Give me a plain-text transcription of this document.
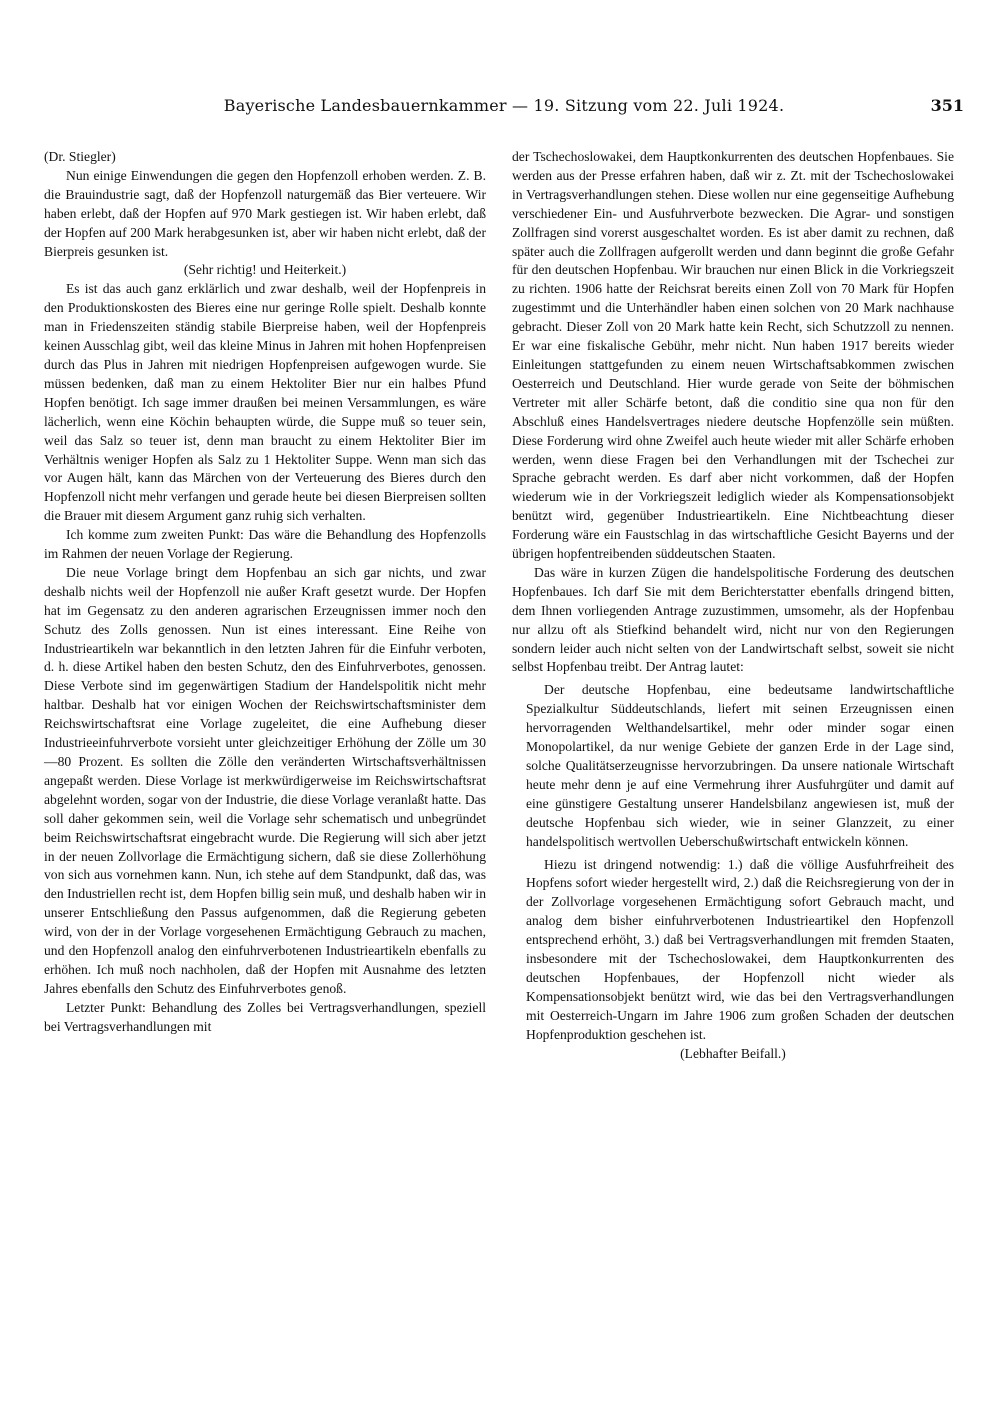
Bayerische Landesbauernkammer — 19. Sitzung vom 22. Juli 1924.	351

(Dr. Stiegler)

Nun einige Einwendungen die gegen den Hopfenzoll erhoben werden. Z. B. die Brauindustrie sagt, daß der Hopfenzoll naturgemäß das Bier verteuere. Wir haben erlebt, daß der Hopfen auf 970 Mark gestiegen ist. Wir haben erlebt, daß der Hopfen auf 200 Mark herabgesunken ist, aber wir haben nicht erlebt, daß der Bierpreis gesunken ist.

(Sehr richtig! und Heiterkeit.)

Es ist das auch ganz erklärlich und zwar deshalb, weil der Hopfenpreis in den Produktionskosten des Bieres eine nur geringe Rolle spielt. Deshalb konnte man in Friedenszeiten ständig stabile Bierpreise haben, weil der Hopfenpreis keinen Ausschlag gibt, weil das kleine Minus in Jahren mit hohen Hopfenpreisen durch das Plus in Jahren mit niedrigen Hopfenpreisen aufgewogen wurde. Sie müssen bedenken, daß man zu einem Hektoliter Bier nur ein halbes Pfund Hopfen benötigt. Ich sage immer draußen bei meinen Versammlungen, es wäre lächerlich, wenn eine Köchin behaupten würde, die Suppe muß so teuer sein, weil das Salz so teuer ist, denn man braucht zu einem Hektoliter Bier im Verhältnis weniger Hopfen als Salz zu 1 Hektoliter Suppe. Wenn man sich das vor Augen hält, kann das Märchen von der Verteuerung des Bieres durch den Hopfenzoll nicht mehr verfangen und gerade heute bei diesen Bierpreisen sollten die Brauer mit diesem Argument ganz ruhig sich verhalten.

Ich komme zum zweiten Punkt: Das wäre die Behandlung des Hopfenzolls im Rahmen der neuen Vorlage der Regierung.

Die neue Vorlage bringt dem Hopfenbau an sich gar nichts, und zwar deshalb nichts weil der Hopfenzoll nie außer Kraft gesetzt wurde. Der Hopfen hat im Gegensatz zu den anderen agrarischen Erzeugnissen immer noch den Schutz des Zolls genossen. Nun ist eines interessant. Eine Reihe von Industrieartikeln war bekanntlich in den letzten Jahren für die Einfuhr verboten, d. h. diese Artikel haben den besten Schutz, den des Einfuhrverbotes, genossen. Diese Verbote sind im gegenwärtigen Stadium der Handelspolitik nicht mehr haltbar. Deshalb hat vor einigen Wochen der Reichswirtschaftsminister dem Reichswirtschaftsrat eine Vorlage zugeleitet, die eine Aufhebung dieser Industrieeinfuhrverbote vorsieht unter gleichzeitiger Erhöhung der Zölle um 30—80 Prozent. Es sollten die Zölle den veränderten Wirtschaftsverhältnissen angepaßt werden. Diese Vorlage ist merkwürdigerweise im Reichswirtschaftsrat abgelehnt worden, sogar von der Industrie, die diese Vorlage veranlaßt hatte. Das soll daher gekommen sein, weil die Vorlage sehr schematisch und unbegründet beim Reichswirtschaftsrat eingebracht wurde. Die Regierung will sich aber jetzt in der neuen Zollvorlage die Ermächtigung sichern, daß sie diese Zollerhöhung von sich aus vornehmen kann. Nun, ich stehe auf dem Standpunkt, daß das, was den Industriellen recht ist, dem Hopfen billig sein muß, und deshalb haben wir in unserer Entschließung den Passus aufgenommen, daß die Regierung gebeten wird, von der in der Vorlage vorgesehenen Ermächtigung Gebrauch zu machen, und den Hopfenzoll analog den einfuhrverbotenen Industrieartikeln ebenfalls zu erhöhen. Ich muß noch nachholen, daß der Hopfen mit Ausnahme des letzten Jahres ebenfalls den Schutz des Einfuhrverbotes genoß.

Letzter Punkt: Behandlung des Zolles bei Vertragsverhandlungen, speziell bei Vertragsverhandlungen mit

der Tschechoslowakei, dem Hauptkonkurrenten des deutschen Hopfenbaues. Sie werden aus der Presse erfahren haben, daß wir z. Zt. mit der Tschechoslowakei in Vertragsverhandlungen stehen. Diese wollen nur eine gegenseitige Aufhebung verschiedener Ein- und Ausfuhrverbote bezwecken. Die Agrar- und sonstigen Zollfragen sind vorerst ausgeschaltet worden. Es ist aber damit zu rechnen, daß später auch die Zollfragen aufgerollt werden und dann beginnt die große Gefahr für den deutschen Hopfenbau. Wir brauchen nur einen Blick in die Vorkriegszeit zu richten. 1906 hatte der Reichsrat bereits einen Zoll von 70 Mark für Hopfen zugestimmt und die Unterhändler haben einen solchen von 20 Mark nachhause gebracht. Dieser Zoll von 20 Mark hatte kein Recht, sich Schutzzoll zu nennen. Er war eine fiskalische Gebühr, mehr nicht. Nun haben 1917 bereits wieder Einleitungen stattgefunden zu einem neuen Wirtschaftsabkommen zwischen Oesterreich und Deutschland. Hier wurde gerade von Seite der böhmischen Vertreter mit aller Schärfe betont, daß die conditio sine qua non für den Abschluß eines Handelsvertrages niedere deutsche Hopfenzölle sein müßten. Diese Forderung wird ohne Zweifel auch heute wieder mit aller Schärfe erhoben werden, wenn diese Fragen bei den Verhandlungen mit der Tschechei zur Sprache gebracht werden. Es darf aber nicht vorkommen, daß der Hopfen wiederum wie in der Vorkriegszeit lediglich wieder als Kompensationsobjekt benützt wird, gegenüber Industrieartikeln. Eine Nichtbeachtung dieser Forderung wäre ein Faustschlag in das wirtschaftliche Gesicht Bayerns und der übrigen hopfentreibenden süddeutschen Staaten.

Das wäre in kurzen Zügen die handelspolitische Forderung des deutschen Hopfenbaues. Ich darf Sie mit dem Berichterstatter ebenfalls dringend bitten, dem Ihnen vorliegenden Antrage zuzustimmen, umsomehr, als der Hopfenbau nur allzu oft als Stiefkind behandelt wird, nicht nur von den Regierungen sondern leider auch nicht selten von der Landwirtschaft selbst, soweit sie nicht selbst Hopfenbau treibt. Der Antrag lautet:

Der deutsche Hopfenbau, eine bedeutsame landwirtschaftliche Spezialkultur Süddeutschlands, liefert mit seinen Erzeugnissen einen hervorragenden Welthandelsartikel, mehr oder minder sogar einen Monopolartikel, da nur wenige Gebiete der ganzen Erde in der Lage sind, solche Qualitätserzeugnisse hervorzubringen. Da unsere nationale Wirtschaft heute mehr denn je auf eine Vermehrung ihrer Ausfuhrgüter und damit auf eine günstigere Gestaltung unserer Handelsbilanz angewiesen ist, muß der deutsche Hopfenbau sich wieder, wie in seiner Glanzzeit, zu einer handelspolitisch wertvollen Ueberschußwirtschaft entwickeln können.

Hiezu ist dringend notwendig: 1.) daß die völlige Ausfuhrfreiheit des Hopfens sofort wieder hergestellt wird, 2.) daß die Reichsregierung von der in der Zollvorlage vorgesehenen Ermächtigung sofort Gebrauch macht, und analog dem bisher einfuhrverbotenen Industrieartikel den Hopfenzoll entsprechend erhöht, 3.) daß bei Vertragsverhandlungen mit fremden Staaten, insbesondere mit der Tschechoslowakei, dem Hauptkonkurrenten des deutschen Hopfenbaues, der Hopfenzoll nicht wieder als Kompensationsobjekt benützt wird, wie das bei den Vertragsverhandlungen mit Oesterreich-Ungarn im Jahre 1906 zum großen Schaden der deutschen Hopfenproduktion geschehen ist.

(Lebhafter Beifall.)
